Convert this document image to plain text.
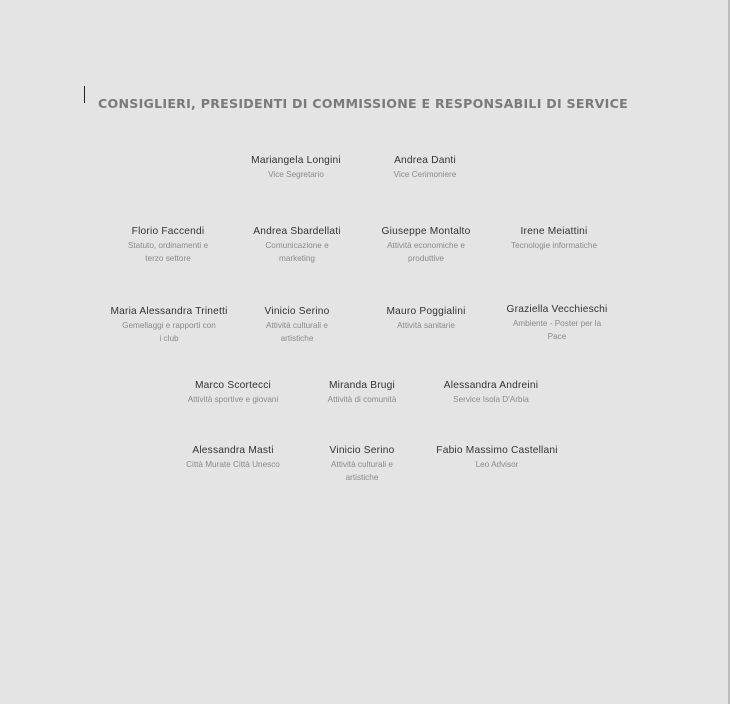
CONSIGLIERI, PRESIDENTI DI COMMISSIONE E RESPONSABILI DI SERVICE
Mariangela Longini
Vice Segretario
Andrea Danti
Vice Cerimoniere
Florio Faccendi
Statuto, ordinamenti e terzo settore
Andrea Sbardellati
Comunicazione e marketing
Giuseppe Montalto
Attività economiche e produttive
Irene Meiattini
Tecnologie informatiche
Maria Alessandra Trinetti
Gemellaggi e rapporti con i club
Vinicio Serino
Attività culturali e artistiche
Mauro Poggialini
Attività sanitarie
Graziella Vecchieschi
Ambiente - Poster per la Pace
Marco Scortecci
Attività sportive e giovani
Miranda Brugi
Attività di comunità
Alessandra Andreini
Service Isola D'Arbia
Alessandra Masti
Città Murate Città Unesco
Vinicio Serino
Attività culturali e artistiche
Fabio Massimo Castellani
Leo Advisor
